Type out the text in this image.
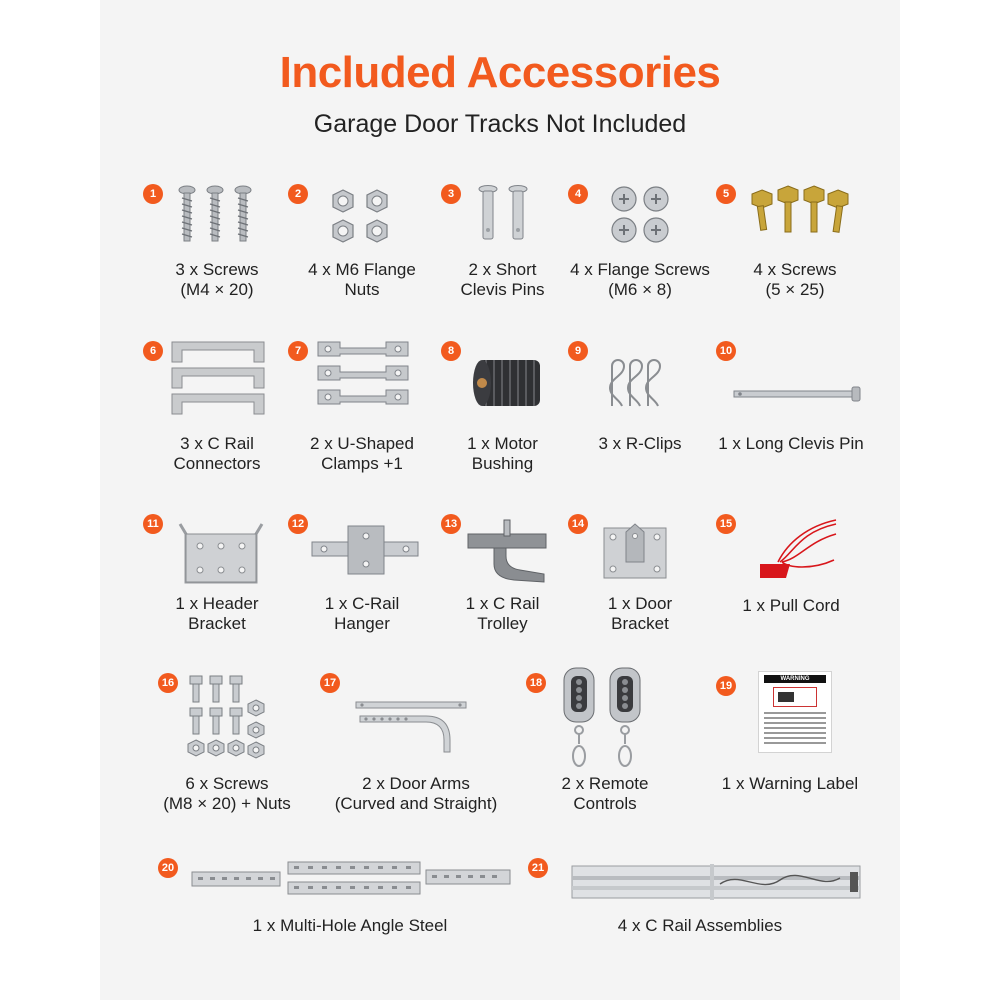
Included Accessories
Garage Door Tracks Not Included
1
3 x Screws
(M4 × 20)
2
4 x M6 Flange
Nuts
3
2 x Short
Clevis Pins
4
4 x Flange Screws
(M6 × 8)
5
4 x Screws
(5 × 25)
6
3 x C Rail
Connectors
7
2 x U-Shaped
Clamps +1
8
1 x Motor
Bushing
9
3 x R-Clips
10
1 x Long Clevis Pin
11
1 x Header
Bracket
12
1 x C-Rail
Hanger
13
1 x C Rail
Trolley
14
1 x Door
Bracket
15
1 x Pull Cord
16
6 x Screws
(M8 × 20) + Nuts
17
2 x Door Arms
(Curved and Straight)
18
2 x Remote
Controls
19
WARNING
1 x Warning Label
20
1 x Multi-Hole Angle Steel
21
4 x C Rail Assemblies
